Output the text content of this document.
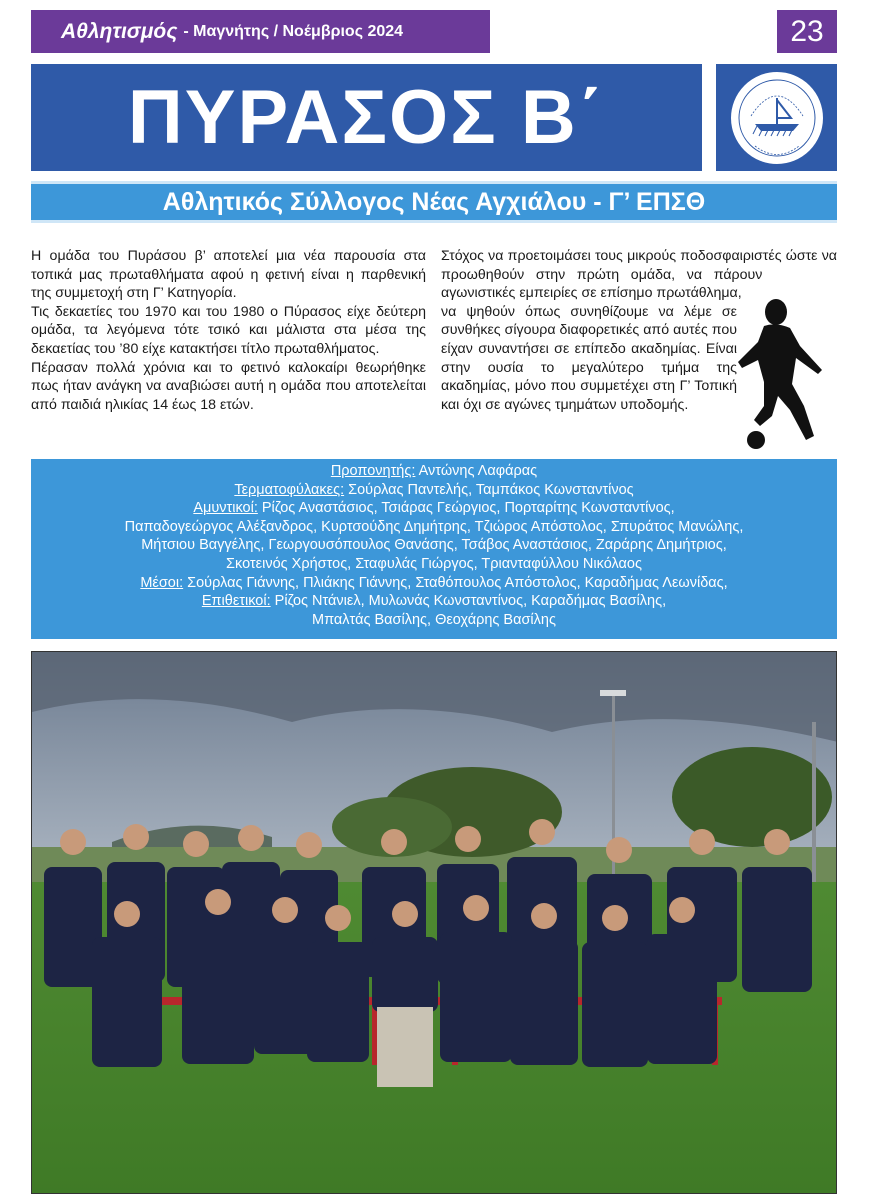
Αθλητισμός - Μαγνήτης / Νοέμβριος 2024	23
ΠΥΡΑΣΟΣ Β΄
Αθλητικός Σύλλογος Νέας Αγχιάλου - Γ’ ΕΠΣΘ

Η ομάδα του Πυράσου β’ αποτελεί μια νέα παρουσία στα τοπικά μας πρωταθλήματα αφού η φετινή είναι η παρθενική της συμμετοχή στη Γ’ Κατηγορία.

Τις δεκαετίες του 1970 και του 1980 ο Πύρασος είχε δεύτερη ομάδα, τα λεγόμενα τότε τσικό και μάλιστα στα μέσα της δεκαετίας του ’80 είχε κατακτήσει τίτλο πρωταθλήματος.

Πέρασαν πολλά χρόνια και το φετινό καλοκαίρι θεωρήθηκε πως ήταν ανάγκη να αναβιώσει αυτή η ομάδα που αποτελείται από παιδιά ηλικίας 14 έως 18 ετών.

Στόχος να προετοιμάσει τους μικρούς ποδοσφαιριστές ώστε να προωθηθούν στην πρώτη ομάδα, να πάρουν αγωνιστικές εμπειρίες σε επίσημο πρωτάθλημα, να ψηθούν όπως συνηθίζουμε να λέμε σε συνθήκες σίγουρα διαφορετικές από αυτές που είχαν συναντήσει σε επίπεδο ακαδημίας. Είναι στην ουσία το μεγαλύτερο τμήμα της ακαδημίας, μόνο που συμμετέχει στη Γ’ Τοπική και όχι σε αγώνες τμημάτων υποδομής.

Προπονητής: Αντώνης Λαφάρας
Τερματοφύλακες: Σούρλας Παντελής, Ταμπάκος Κωνσταντίνος
Αμυντικοί: Ρίζος Αναστάσιος, Τσιάρας Γεώργιος, Πορταρίτης Κωνσταντίνος,
Παπαδογεώργος Αλέξανδρος, Κυρτσούδης Δημήτρης, Τζιώρος Απόστολος, Σπυράτος Μανώλης,
Μήτσιου Βαγγέλης, Γεωργουσόπουλος Θανάσης, Τσάβος Αναστάσιος, Ζαράρης Δημήτριος,
Σκοτεινός Χρήστος, Σταφυλάς Γιώργος, Τριανταφύλλου Νικόλαος
Μέσοι: Σούρλας Γιάννης, Πλιάκης Γιάννης, Σταθόπουλος Απόστολος, Καραδήμας Λεωνίδας,
Επιθετικοί: Ρίζος Ντάνιελ, Μυλωνάς Κωνσταντίνος, Καραδήμας Βασίλης,
Μπαλτάς Βασίλης, Θεοχάρης Βασίλης
